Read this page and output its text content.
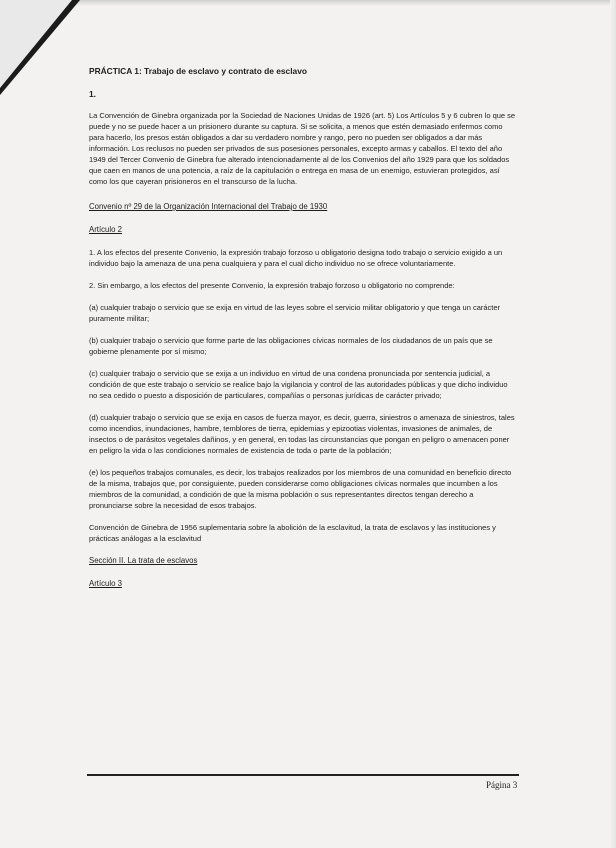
PRÁCTICA 1: Trabajo de esclavo y contrato de esclavo

1.

La Convención de Ginebra organizada por la Sociedad de Naciones Unidas de 1926 (art. 5) Los Artículos 5 y 6 cubren lo que se puede y no se puede hacer a un prisionero durante su captura. Si se solicita, a menos que estén demasiado enfermos como para hacerlo, los presos están obligados a dar su verdadero nombre y rango, pero no pueden ser obligados a dar más información. Los reclusos no pueden ser privados de sus posesiones personales, excepto armas y caballos. El texto del año 1949 del Tercer Convenio de Ginebra fue alterado intencionadamente al de los Convenios del año 1929 para que los soldados que caen en manos de una potencia, a raíz de la capitulación o entrega en masa de un enemigo, estuvieran protegidos, así como los que cayeran prisioneros en el transcurso de la lucha.

Convenio nº 29 de la Organización Internacional del Trabajo de 1930

Artículo 2

1. A los efectos del presente Convenio, la expresión trabajo forzoso u obligatorio designa todo trabajo o servicio exigido a un individuo bajo la amenaza de una pena cualquiera y para el cual dicho individuo no se ofrece voluntariamente.

2. Sin embargo, a los efectos del presente Convenio, la expresión trabajo forzoso u obligatorio no comprende:

(a) cualquier trabajo o servicio que se exija en virtud de las leyes sobre el servicio militar obligatorio y que tenga un carácter puramente militar;

(b) cualquier trabajo o servicio que forme parte de las obligaciones cívicas normales de los ciudadanos de un país que se gobierne plenamente por sí mismo;

(c) cualquier trabajo o servicio que se exija a un individuo en virtud de una condena pronunciada por sentencia judicial, a condición de que este trabajo o servicio se realice bajo la vigilancia y control de las autoridades públicas y que dicho individuo no sea cedido o puesto a disposición de particulares, compañías o personas jurídicas de carácter privado;

(d) cualquier trabajo o servicio que se exija en casos de fuerza mayor, es decir, guerra, siniestros o amenaza de siniestros, tales como incendios, inundaciones, hambre, temblores de tierra, epidemias y epizootias violentas, invasiones de animales, de insectos o de parásitos vegetales dañinos, y en general, en todas las circunstancias que pongan en peligro o amenacen poner en peligro la vida o las condiciones normales de existencia de toda o parte de la población;

(e) los pequeños trabajos comunales, es decir, los trabajos realizados por los miembros de una comunidad en beneficio directo de la misma, trabajos que, por consiguiente, pueden considerarse como obligaciones cívicas normales que incumben a los miembros de la comunidad, a condición de que la misma población o sus representantes directos tengan derecho a pronunciarse sobre la necesidad de esos trabajos.

Convención de Ginebra de 1956 suplementaria sobre la abolición de la esclavitud, la trata de esclavos y las instituciones y prácticas análogas a la esclavitud

Sección II. La trata de esclavos

Artículo 3

Página 3
